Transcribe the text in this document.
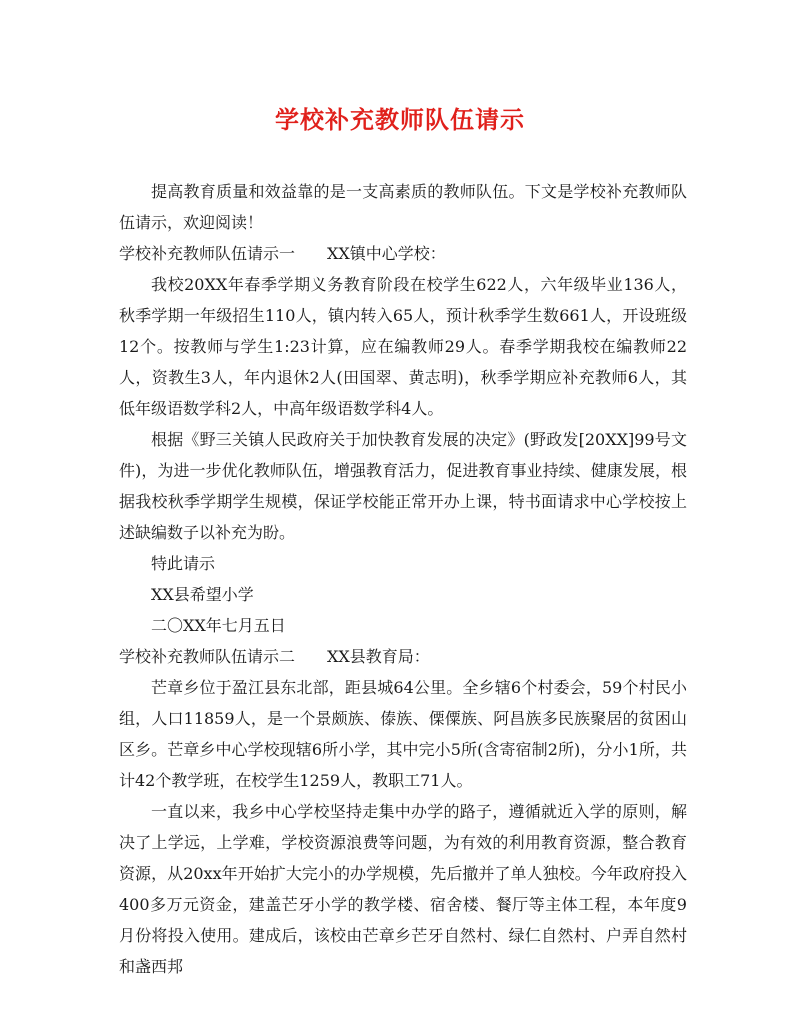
学校补充教师队伍请示

提高教育质量和效益靠的是一支高素质的教师队伍。下文是学校补充教师队伍请示，欢迎阅读！

学校补充教师队伍请示一 XX镇中心学校：

我校20XX年春季学期义务教育阶段在校学生622人，六年级毕业136人，秋季学期一年级招生110人，镇内转入65人，预计秋季学生数661人，开设班级12个。按教师与学生1:23计算，应在编教师29人。春季学期我校在编教师22人，资教生3人，年内退休2人(田国翠、黄志明)，秋季学期应补充教师6人，其低年级语数学科2人，中高年级语数学科4人。

根据《野三关镇人民政府关于加快教育发展的决定》(野政发[20XX]99号文件)，为进一步优化教师队伍，增强教育活力，促进教育事业持续、健康发展，根据我校秋季学期学生规模，保证学校能正常开办上课，特书面请求中心学校按上述缺编数子以补充为盼。

特此请示

XX县希望小学

二〇XX年七月五日

学校补充教师队伍请示二 XX县教育局：

芒章乡位于盈江县东北部，距县城64公里。全乡辖6个村委会，59个村民小组，人口11859人，是一个景颇族、傣族、傈僳族、阿昌族多民族聚居的贫困山区乡。芒章乡中心学校现辖6所小学，其中完小5所(含寄宿制2所)，分小1所，共计42个教学班，在校学生1259人，教职工71人。

一直以来，我乡中心学校坚持走集中办学的路子，遵循就近入学的原则，解决了上学远，上学难，学校资源浪费等问题，为有效的利用教育资源，整合教育资源，从20xx年开始扩大完小的办学规模，先后撤并了单人独校。今年政府投入400多万元资金，建盖芒牙小学的教学楼、宿舍楼、餐厅等主体工程，本年度9月份将投入使用。建成后，该校由芒章乡芒牙自然村、绿仁自然村、户弄自然村和盏西邦
